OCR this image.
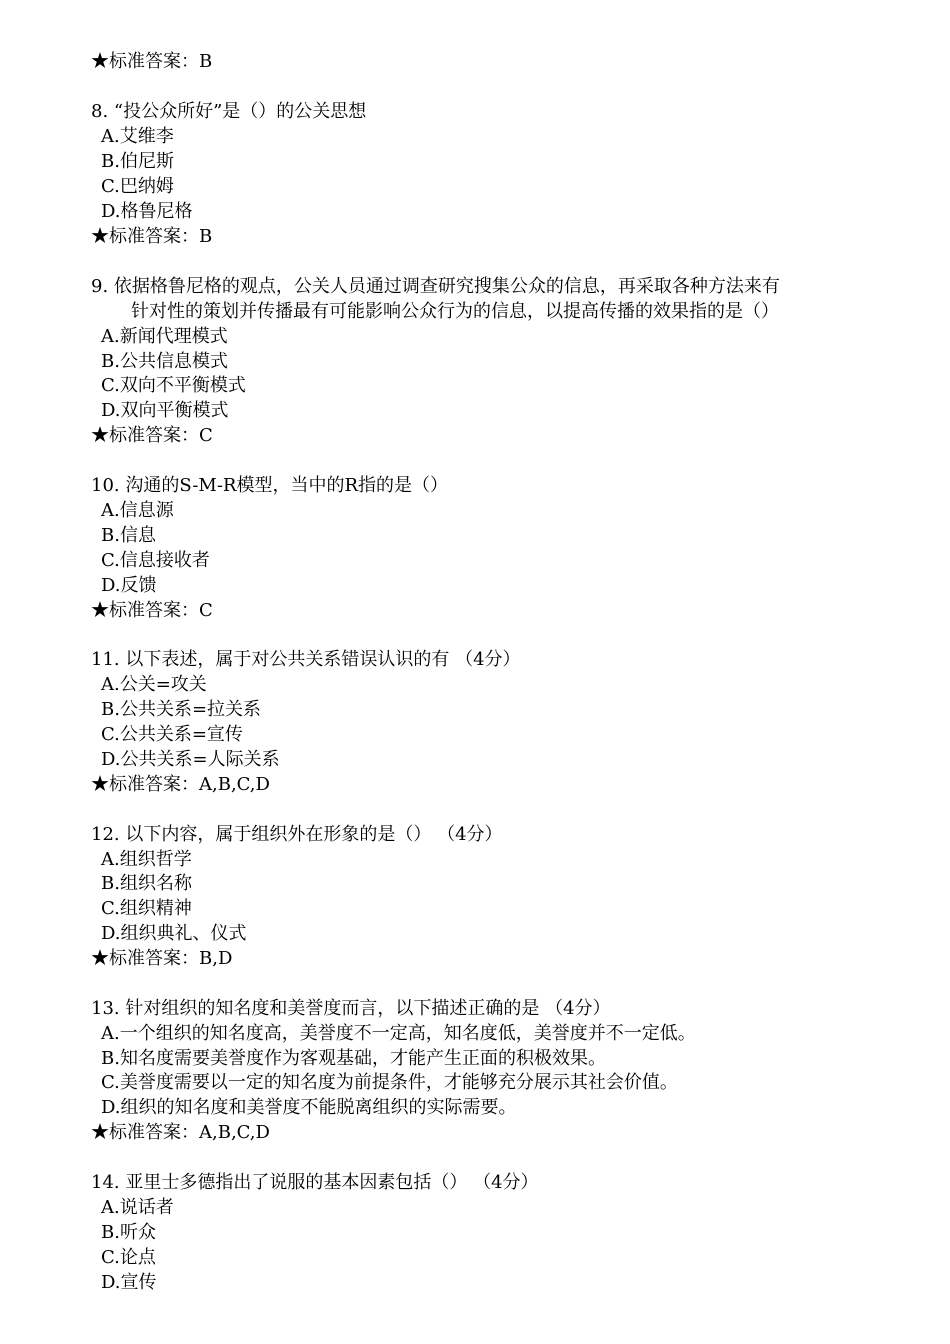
★标准答案：B
8. “投公众所好”是（）的公关思想
A.艾维李
B.伯尼斯
C.巴纳姆
D.格鲁尼格
★标准答案：B
9. 依据格鲁尼格的观点，公关人员通过调查研究搜集公众的信息，再采取各种方法来有
针对性的策划并传播最有可能影响公众行为的信息，以提高传播的效果指的是（）
A.新闻代理模式
B.公共信息模式
C.双向不平衡模式
D.双向平衡模式
★标准答案：C
10. 沟通的S-M-R模型，当中的R指的是（）
A.信息源
B.信息
C.信息接收者
D.反馈
★标准答案：C
11. 以下表述，属于对公共关系错误认识的有 （4分）
A.公关=攻关
B.公共关系=拉关系
C.公共关系=宣传
D.公共关系=人际关系
★标准答案：A,B,C,D
12. 以下内容，属于组织外在形象的是（） （4分）
A.组织哲学
B.组织名称
C.组织精神
D.组织典礼、仪式
★标准答案：B,D
13. 针对组织的知名度和美誉度而言，以下描述正确的是 （4分）
A.一个组织的知名度高，美誉度不一定高，知名度低，美誉度并不一定低。
B.知名度需要美誉度作为客观基础，才能产生正面的积极效果。
C.美誉度需要以一定的知名度为前提条件，才能够充分展示其社会价值。
D.组织的知名度和美誉度不能脱离组织的实际需要。
★标准答案：A,B,C,D
14. 亚里士多德指出了说服的基本因素包括（） （4分）
A.说话者
B.听众
C.论点
D.宣传
